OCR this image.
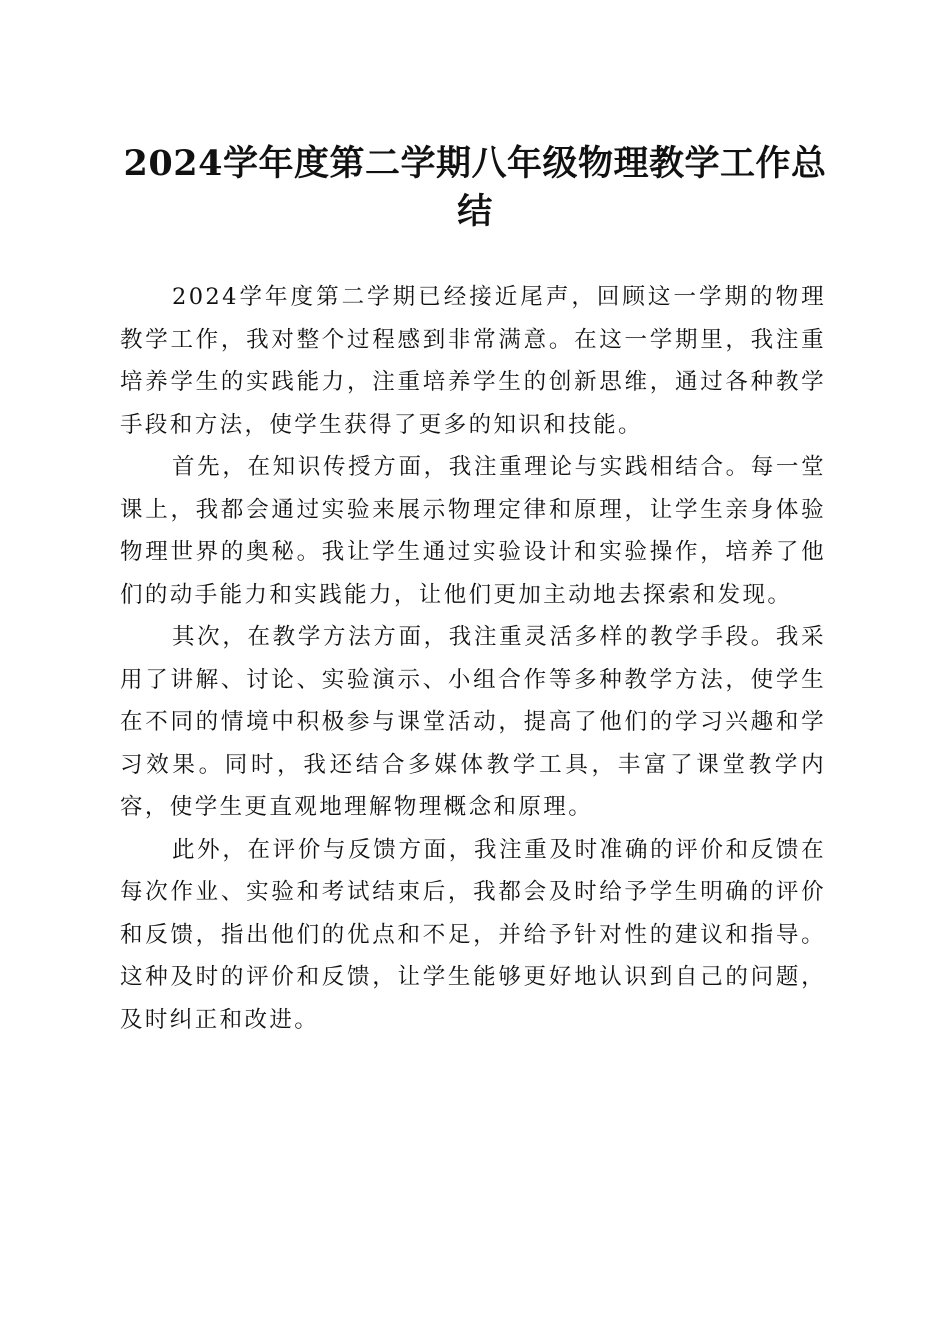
2024学年度第二学期八年级物理教学工作总结

2024学年度第二学期已经接近尾声，回顾这一学期的物理教学工作，我对整个过程感到非常满意。在这一学期里，我注重培养学生的实践能力，注重培养学生的创新思维，通过各种教学手段和方法，使学生获得了更多的知识和技能。

首先，在知识传授方面，我注重理论与实践相结合。每一堂课上，我都会通过实验来展示物理定律和原理，让学生亲身体验物理世界的奥秘。我让学生通过实验设计和实验操作，培养了他们的动手能力和实践能力，让他们更加主动地去探索和发现。

其次，在教学方法方面，我注重灵活多样的教学手段。我采用了讲解、讨论、实验演示、小组合作等多种教学方法，使学生在不同的情境中积极参与课堂活动，提高了他们的学习兴趣和学习效果。同时，我还结合多媒体教学工具，丰富了课堂教学内容，使学生更直观地理解物理概念和原理。

此外，在评价与反馈方面，我注重及时准确的评价和反馈在每次作业、实验和考试结束后，我都会及时给予学生明确的评价和反馈，指出他们的优点和不足，并给予针对性的建议和指导。这种及时的评价和反馈，让学生能够更好地认识到自己的问题，及时纠正和改进。
